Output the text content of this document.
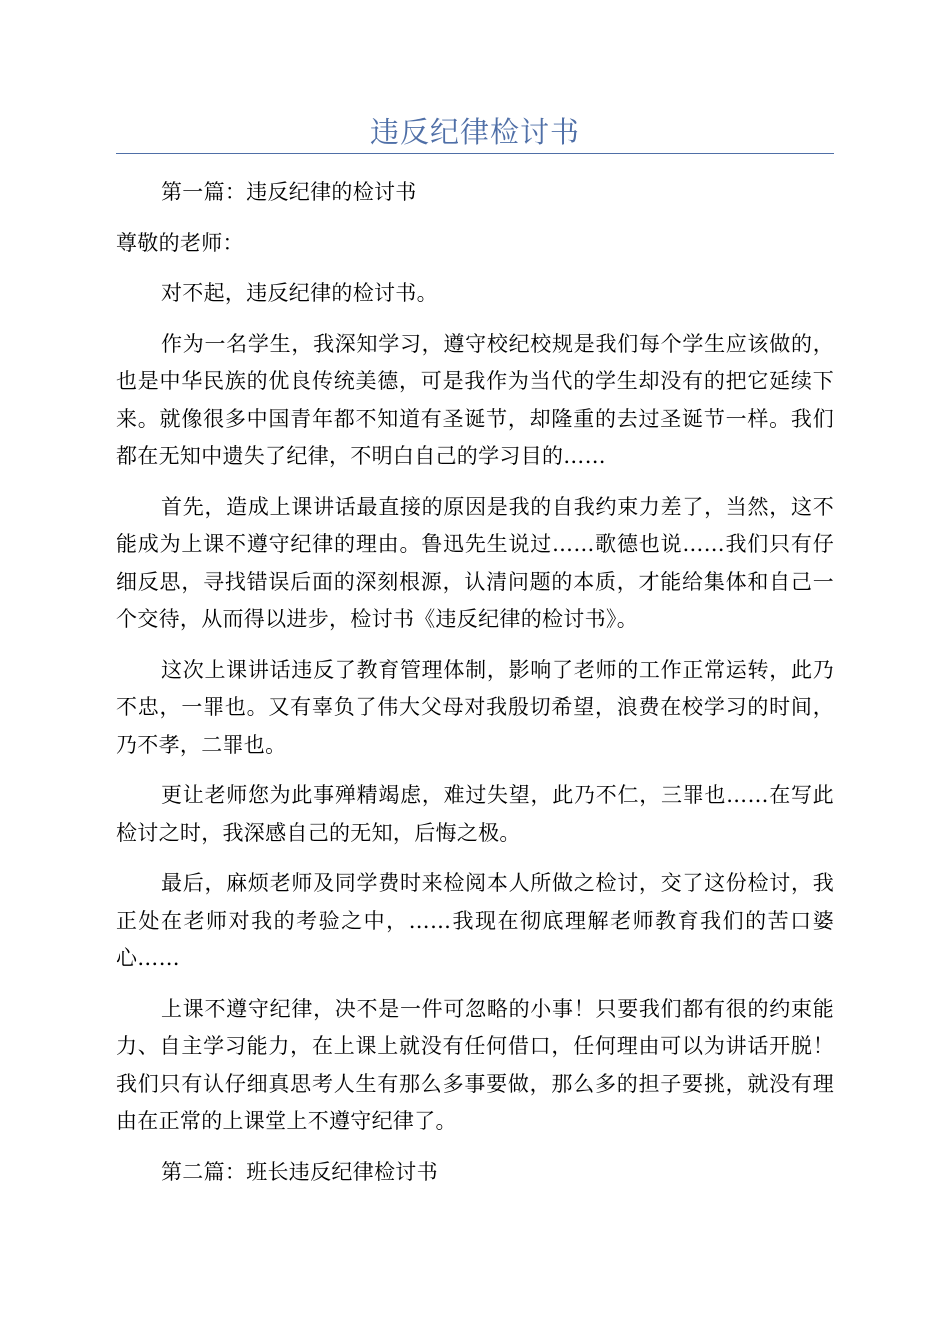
违反纪律检讨书

第一篇：违反纪律的检讨书

尊敬的老师：

对不起，违反纪律的检讨书。

作为一名学生，我深知学习，遵守校纪校规是我们每个学生应该做的，也是中华民族的优良传统美德，可是我作为当代的学生却没有的把它延续下来。就像很多中国青年都不知道有圣诞节，却隆重的去过圣诞节一样。我们都在无知中遗失了纪律，不明白自己的学习目的……

首先，造成上课讲话最直接的原因是我的自我约束力差了，当然，这不能成为上课不遵守纪律的理由。鲁迅先生说过……歌德也说……我们只有仔细反思，寻找错误后面的深刻根源，认清问题的本质，才能给集体和自己一个交待，从而得以进步，检讨书《违反纪律的检讨书》。

这次上课讲话违反了教育管理体制，影响了老师的工作正常运转，此乃不忠，一罪也。又有辜负了伟大父母对我殷切希望，浪费在校学习的时间，乃不孝，二罪也。

更让老师您为此事殚精竭虑，难过失望，此乃不仁，三罪也……在写此检讨之时，我深感自己的无知，后悔之极。

最后，麻烦老师及同学费时来检阅本人所做之检讨，交了这份检讨，我正处在老师对我的考验之中，……我现在彻底理解老师教育我们的苦口婆心……

上课不遵守纪律，决不是一件可忽略的小事！只要我们都有很的约束能力、自主学习能力，在上课上就没有任何借口，任何理由可以为讲话开脱！我们只有认仔细真思考人生有那么多事要做，那么多的担子要挑，就没有理由在正常的上课堂上不遵守纪律了。

第二篇：班长违反纪律检讨书
